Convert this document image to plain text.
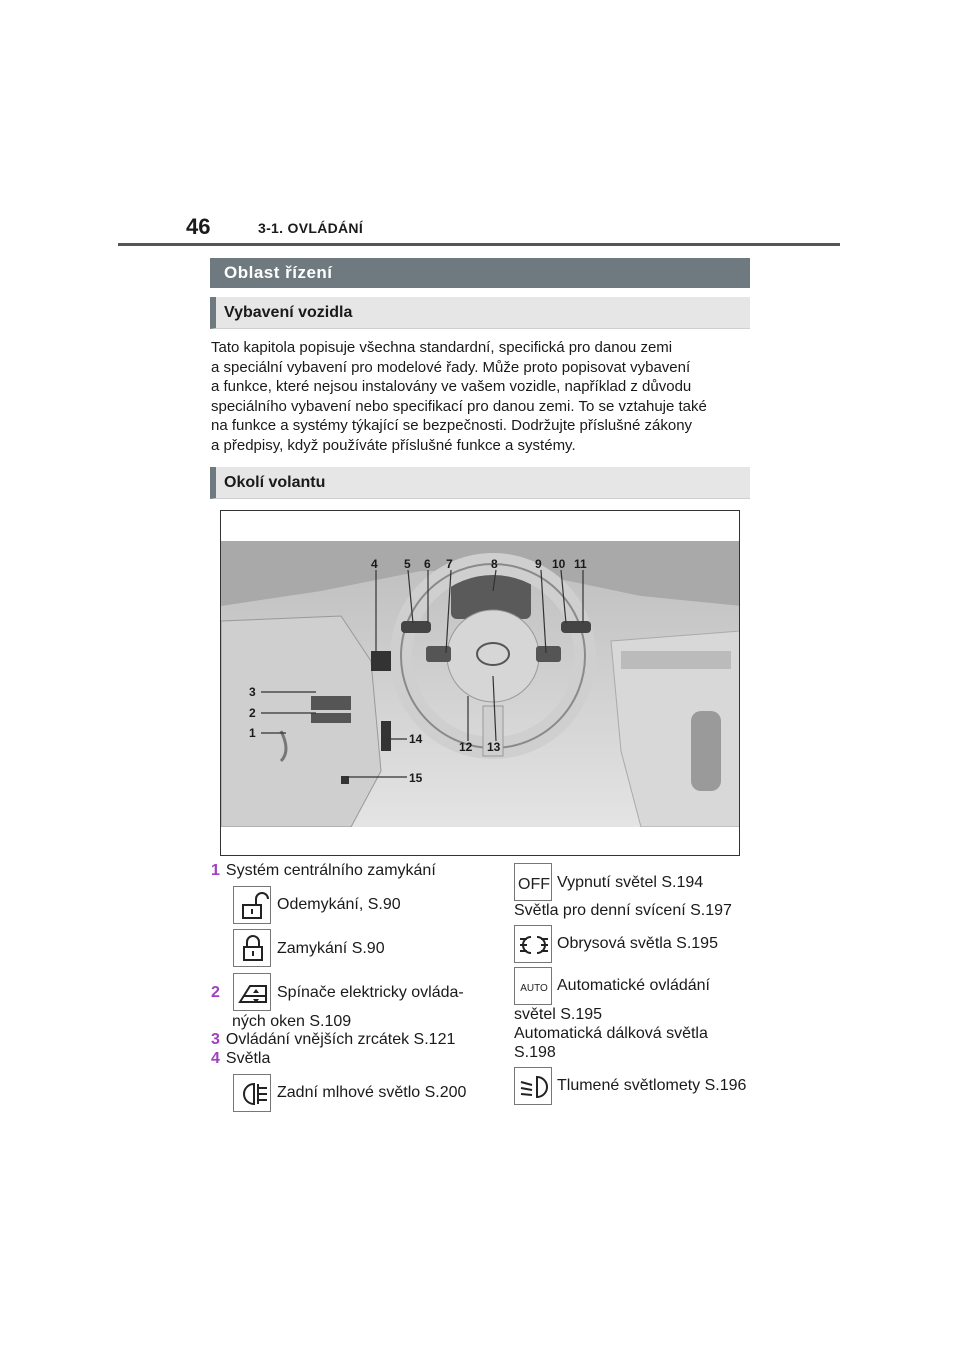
46	3-1. OVLÁDÁNÍ
Oblast řízení
Vybavení vozidla
Tato kapitola popisuje všechna standardní, specifická pro danou zemi
a speciální vybavení pro modelové řady. Může proto popisovat vybavení
a funkce, které nejsou instalovány ve vašem vozidle, například z důvodu
speciálního vybavení nebo specifikací pro danou zemi. To se vztahuje také
na funkce a systémy týkající se bezpečnosti. Dodržujte příslušné zákony
a předpisy, když používáte příslušné funkce a systémy.
Okolí volantu
4 5 6 7	8	9 10 11
3
2
1
12 13
14
15
1 Systém centrálního zamykání
Odemykání, S.90
Zamykání S.90
2	Spínače elektricky ovláda-
ných oken S.109
3 Ovládání vnějších zrcátek S.121
4 Světla
Zadní mlhové světlo S.200
OFF Vypnutí světel S.194
Světla pro denní svícení S.197
Obrysová světla S.195
AUTO Automatické ovládání
světel S.195
Automatická dálková světla
S.198
Tlumené světlomety S.196
